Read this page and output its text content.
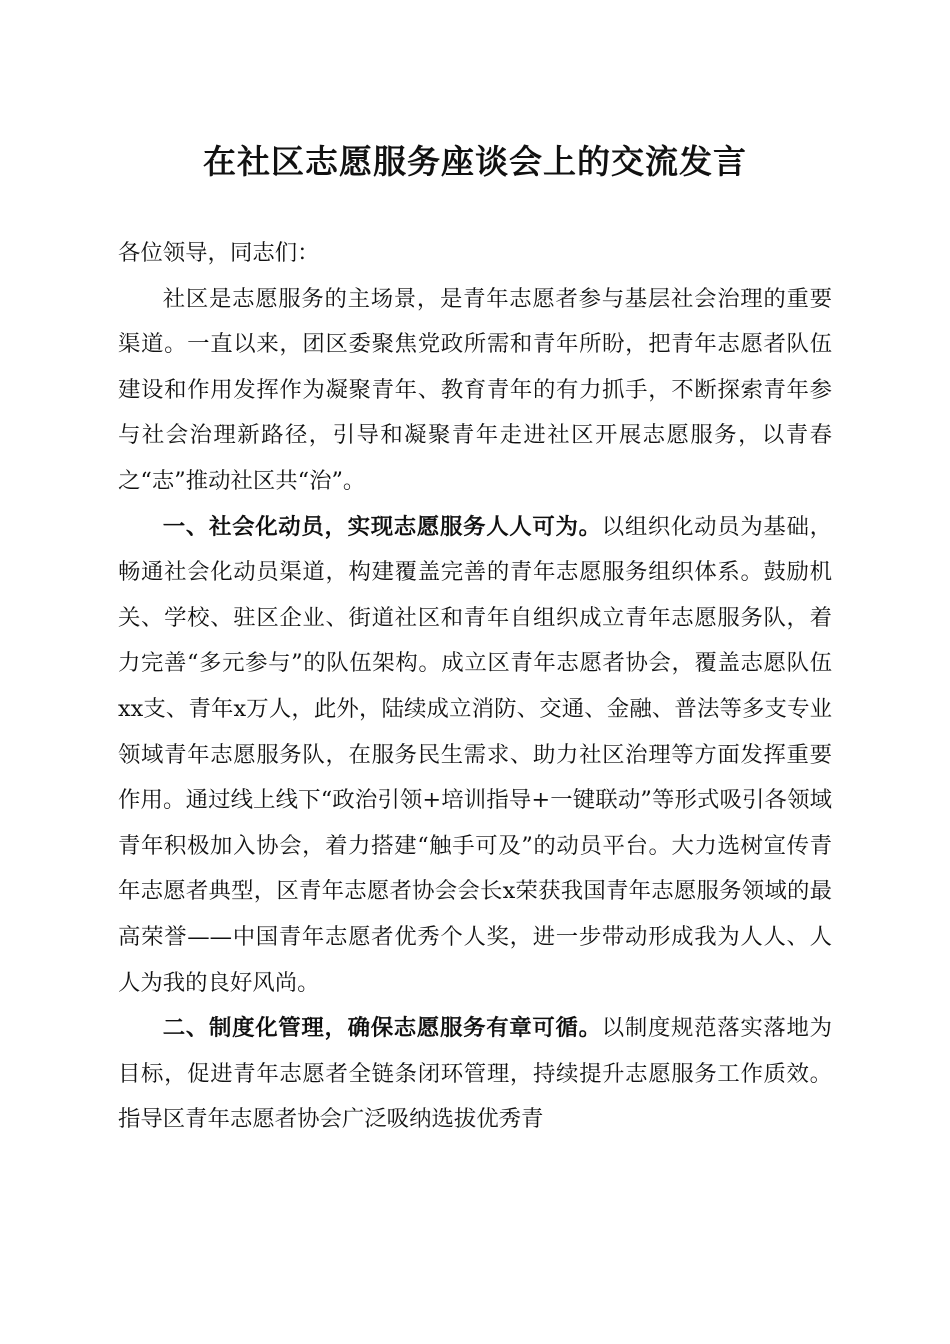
在社区志愿服务座谈会上的交流发言

各位领导，同志们：

社区是志愿服务的主场景，是青年志愿者参与基层社会治理的重要渠道。一直以来，团区委聚焦党政所需和青年所盼，把青年志愿者队伍建设和作用发挥作为凝聚青年、教育青年的有力抓手，不断探索青年参与社会治理新路径，引导和凝聚青年走进社区开展志愿服务，以青春之“志”推动社区共“治”。

一、社会化动员，实现志愿服务人人可为。以组织化动员为基础，畅通社会化动员渠道，构建覆盖完善的青年志愿服务组织体系。鼓励机关、学校、驻区企业、街道社区和青年自组织成立青年志愿服务队，着力完善“多元参与”的队伍架构。成立区青年志愿者协会，覆盖志愿队伍xx支、青年x万人，此外，陆续成立消防、交通、金融、普法等多支专业领域青年志愿服务队，在服务民生需求、助力社区治理等方面发挥重要作用。通过线上线下“政治引领+培训指导+一键联动”等形式吸引各领域青年积极加入协会，着力搭建“触手可及”的动员平台。大力选树宣传青年志愿者典型，区青年志愿者协会会长x荣获我国青年志愿服务领域的最高荣誉——中国青年志愿者优秀个人奖，进一步带动形成我为人人、人人为我的良好风尚。

二、制度化管理，确保志愿服务有章可循。以制度规范落实落地为目标，促进青年志愿者全链条闭环管理，持续提升志愿服务工作质效。指导区青年志愿者协会广泛吸纳选拔优秀青
